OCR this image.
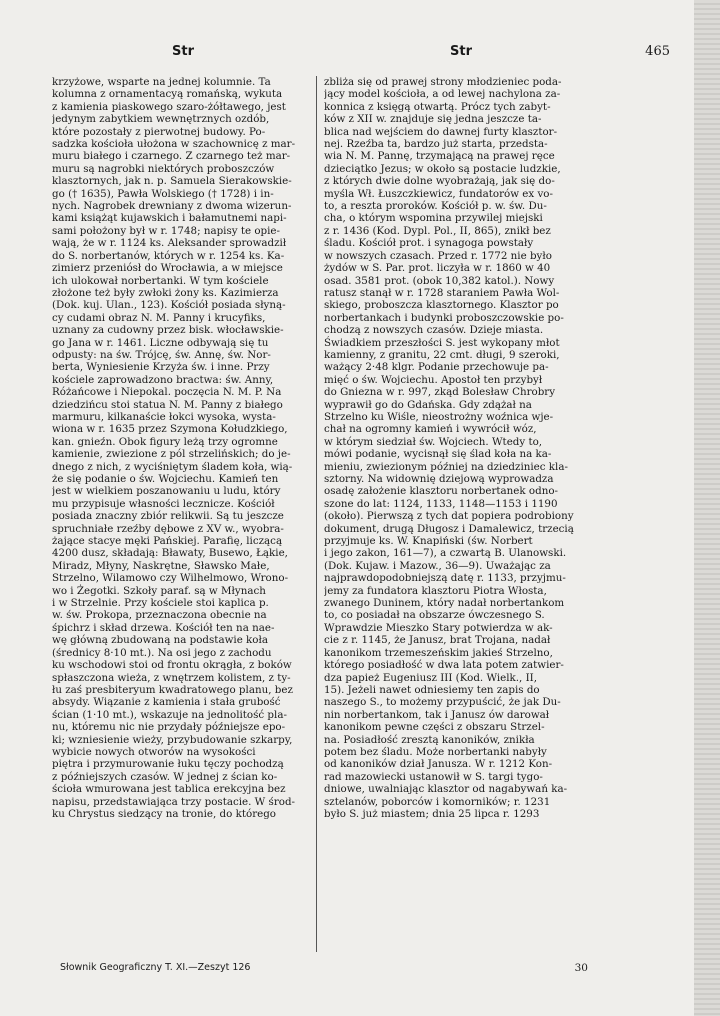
Str	Str	465
krzyżowe, wsparte na jednej kolumnie. Ta
kolumna z ornamentacyą romańską, wykuta
z kamienia piaskowego szaro-żółtawego, jest
jedynym zabytkiem wewnętrznych ozdób,
które pozostały z pierwotnej budowy. Po-
sadzka kościoła ułożona w szachownicę z mar-
muru białego i czarnego. Z czarnego też mar-
muru są nagrobki niektórych proboszczów
klasztornych, jak n. p. Samuela Sierakowskie-
go († 1635), Pawła Wolskiego († 1728) i in-
nych. Nagrobek drewniany z dwoma wizerun-
kami książąt kujawskich i bałamutnemi napi-
sami położony był w r. 1748; napisy te opie-
wają, że w r. 1124 ks. Aleksander sprowadził
do S. norbertanów, których w r. 1254 ks. Ka-
zimierz przeniósł do Wrocławia, a w miejsce
ich ulokował norbertanki. W tym kościele
złożone też były zwłoki żony ks. Kazimierza
(Dok. kuj. Ulan., 123). Kościół posiada słyną-
cy cudami obraz N. M. Panny i krucyfiks,
uznany za cudowny przez bisk. włocławskie-
go Jana w r. 1461. Liczne odbywają się tu
odpusty: na św. Trójcę, św. Annę, św. Nor-
berta, Wyniesienie Krzyża św. i inne. Przy
kościele zaprowadzono bractwa: św. Anny,
Różańcowe i Niepokal. poczęcia N. M. P. Na
dziedzińcu stoi statua N. M. Panny z białego
marmuru, kilkanaście łokci wysoka, wysta-
wiona w r. 1635 przez Szymona Kołudzkiego,
kan. gnieźn. Obok figury leżą trzy ogromne
kamienie, zwiezione z pól strzelińskich; do je-
dnego z nich, z wyciśniętym śladem koła, wią-
że się podanie o św. Wojciechu. Kamień ten
jest w wielkiem poszanowaniu u ludu, który
mu przypisuje własności lecznicze. Kościół
posiada znaczny zbiór relikwii. Są tu jeszcze
spruchniałe rzeźby dębowe z XV w., wyobra-
żające stacye męki Pańskiej. Parafię, liczącą
4200 dusz, składają: Bławaty, Busewo, Łąkie,
Miradz, Młyny, Naskrętne, Sławsko Małe,
Strzelno, Wilamowo czy Wilhelmowo, Wrono-
wo i Żegotki. Szkoły paraf. są w Młynach
i w Strzelnie. Przy kościele stoi kaplica p.
w. św. Prokopa, przeznaczona obecnie na
śpichrz i skład drzewa. Kościół ten na nae-
wę główną zbudowaną na podstawie koła
(średnicy 8·10 mt.). Na osi jego z zachodu
ku wschodowi stoi od frontu okrągła, z boków
spłaszczona wieża, z wnętrzem kolistem, z ty-
łu zaś presbiteryum kwadratowego planu, bez
absydy. Wiązanie z kamienia i stała grubość
ścian (1·10 mt.), wskazuje na jednolitość pla-
nu, któremu nic nie przydały późniejsze epo-
ki; wzniesienie wieży, przybudowanie szkarpy,
wybicie nowych otworów na wysokości
piętra i przymurowanie łuku tęczy pochodzą
z późniejszych czasów. W jednej z ścian ko-
ścioła wmurowana jest tablica erekcyjna bez
napisu, przedstawiająca trzy postacie. W środ-
ku Chrystus siedzący na tronie, do którego
zbliża się od prawej strony młodzieniec poda-
jący model kościoła, a od lewej nachylona za-
konnica z księgą otwartą. Prócz tych zabyt-
ków z XII w. znajduje się jedna jeszcze ta-
blica nad wejściem do dawnej furty klasztor-
nej. Rzeźba ta, bardzo już starta, przedsta-
wia N. M. Pannę, trzymającą na prawej ręce
dzieciątko Jezus; w około są postacie ludzkie,
z których dwie dolne wyobrażają, jak się do-
myśla Wł. Łuszczkiewicz, fundatorów ex vo-
to, a reszta proroków. Kościół p. w. św. Du-
cha, o którym wspomina przywilej miejski
z r. 1436 (Kod. Dypl. Pol., II, 865), znikł bez
śladu. Kościół prot. i synagoga powstały
w nowszych czasach. Przed r. 1772 nie było
żydów w S. Par. prot. liczyła w r. 1860 w 40
osad. 3581 prot. (obok 10,382 katol.). Nowy
ratusz stanął w r. 1728 staraniem Pawła Wol-
skiego, proboszcza klasztornego. Klasztor po
norbertankach i budynki proboszczowskie po-
chodzą z nowszych czasów. Dzieje miasta.
Świadkiem przeszłości S. jest wykopany młot
kamienny, z granitu, 22 cmt. długi, 9 szeroki,
ważący 2·48 klgr. Podanie przechowuje pa-
mięć o św. Wojciechu. Apostoł ten przybył
do Gniezna w r. 997, zkąd Bolesław Chrobry
wyprawił go do Gdańska. Gdy zdążał na
Strzelno ku Wiśle, nieostrożny woźnica wje-
chał na ogromny kamień i wywrócił wóz,
w którym siedział św. Wojciech. Wtedy to,
mówi podanie, wycisnął się ślad koła na ka-
mieniu, zwiezionym później na dziedziniec kla-
sztorny. Na widownię dziejową wyprowadza
osadę założenie klasztoru norbertanek odno-
szone do lat: 1124, 1133, 1148—1153 i 1190
(około). Pierwszą z tych dat popiera podrobiony
dokument, drugą Długosz i Damalewicz, trzecią
przyjmuje ks. W. Knapiński (św. Norbert
i jego zakon, 161—7), a czwartą B. Ulanowski.
(Dok. Kujaw. i Mazow., 36—9). Uważając za
najprawdopodobniejszą datę r. 1133, przyjmu-
jemy za fundatora klasztoru Piotra Włosta,
zwanego Duninem, który nadał norbertankom
to, co posiadał na obszarze ówczesnego S.
Wprawdzie Mieszko Stary potwierdza w ak-
cie z r. 1145, że Janusz, brat Trojana, nadał
kanonikom trzemeszeńskim jakieś Strzelno,
którego posiadłość w dwa lata potem zatwier-
dza papież Eugeniusz III (Kod. Wielk., II,
15). Jeżeli nawet odniesiemy ten zapis do
naszego S., to możemy przypuścić, że jak Du-
nin norbertankom, tak i Janusz ów darował
kanonikom pewne części z obszaru Strzel-
na. Posiadłość zresztą kanoników, znikła
potem bez śladu. Może norbertanki nabyły
od kanoników dział Janusza. W r. 1212 Kon-
rad mazowiecki ustanowił w S. targi tygo-
dniowe, uwalniając klasztor od nagabywań ka-
sztelanów, poborców i komorników; r. 1231
było S. już miastem; dnia 25 lipca r. 1293
Słownik Geograficzny T. XI.—Zeszyt 126	30
